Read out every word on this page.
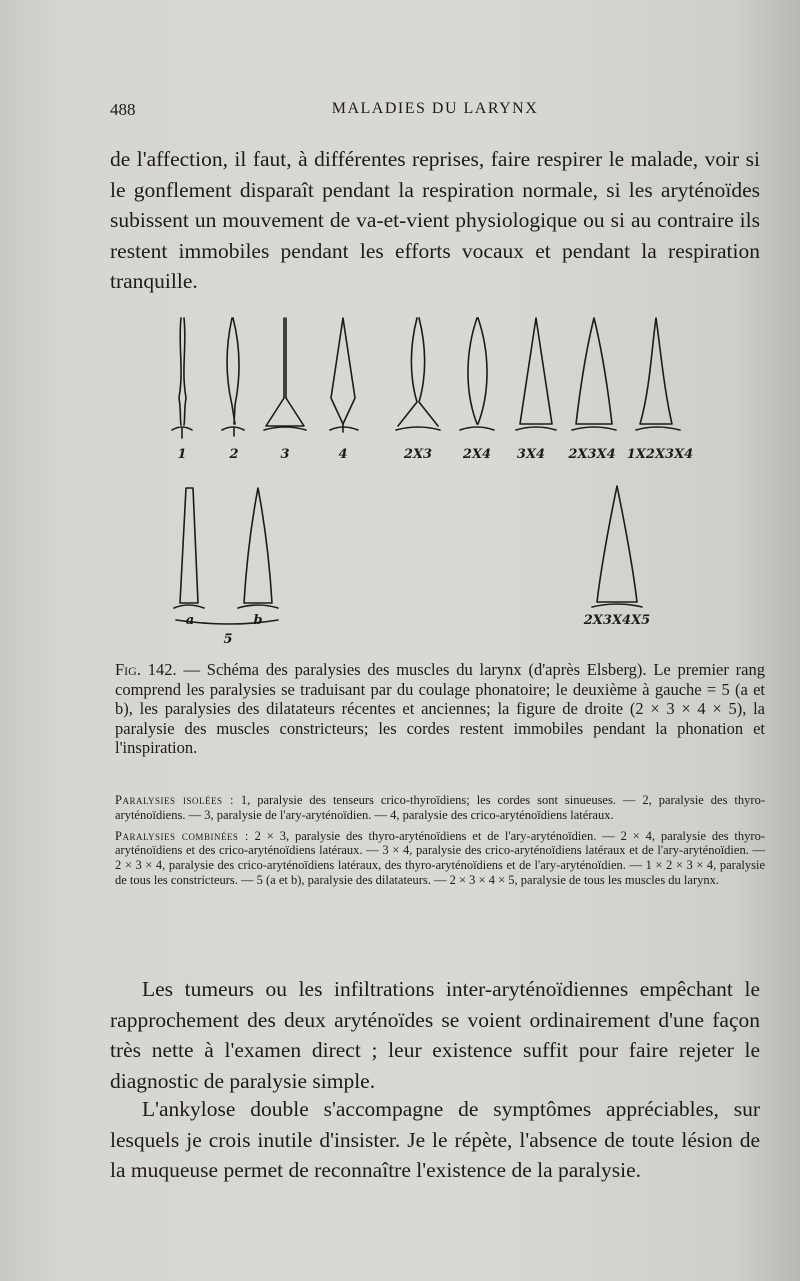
488	MALADIES DU LARYNX

de l'affection, il faut, à différentes reprises, faire respirer le malade, voir si le gonflement disparaît pendant la respiration normale, si les aryténoïdes subissent un mouvement de va-et-vient physiologique ou si au contraire ils restent immobiles pendant les efforts vocaux et pendant la respiration tranquille.

1	2	3	4	2X3 2X4 3X4 2X3X4 1X2X3X4
a	b
5
2X3X4X5

Fig. 142. — Schéma des paralysies des muscles du larynx (d'après Elsberg). Le premier rang comprend les paralysies se traduisant par du coulage phonatoire; le deuxième à gauche = 5 (a et b), les paralysies des dilatateurs récentes et anciennes; la figure de droite (2 × 3 × 4 × 5), la paralysie des muscles constricteurs; les cordes restent immobiles pendant la phonation et l'inspiration.

Paralysies isolées : 1, paralysie des tenseurs crico-thyroïdiens; les cordes sont sinueuses. — 2, paralysie des thyro-aryténoïdiens. — 3, paralysie de l'ary-aryténoïdien. — 4, paralysie des crico-aryténoïdiens latéraux.

Paralysies combinées : 2 × 3, paralysie des thyro-aryténoïdiens et de l'ary-aryténoïdien. — 2 × 4, paralysie des thyro-aryténoïdiens et des crico-aryténoïdiens latéraux. — 3 × 4, paralysie des crico-aryténoïdiens latéraux et de l'ary-aryténoïdien. — 2 × 3 × 4, paralysie des crico-aryténoïdiens latéraux, des thyro-aryténoïdiens et de l'ary-aryténoïdien. — 1 × 2 × 3 × 4, paralysie de tous les constricteurs. — 5 (a et b), paralysie des dilatateurs. — 2 × 3 × 4 × 5, paralysie de tous les muscles du larynx.

Les tumeurs ou les infiltrations inter-aryténoïdiennes empêchant le rapprochement des deux aryténoïdes se voient ordinairement d'une façon très nette à l'examen direct ; leur existence suffit pour faire rejeter le diagnostic de paralysie simple.

L'ankylose double s'accompagne de symptômes appréciables, sur lesquels je crois inutile d'insister. Je le répète, l'absence de toute lésion de la muqueuse permet de reconnaître l'existence de la paralysie.
